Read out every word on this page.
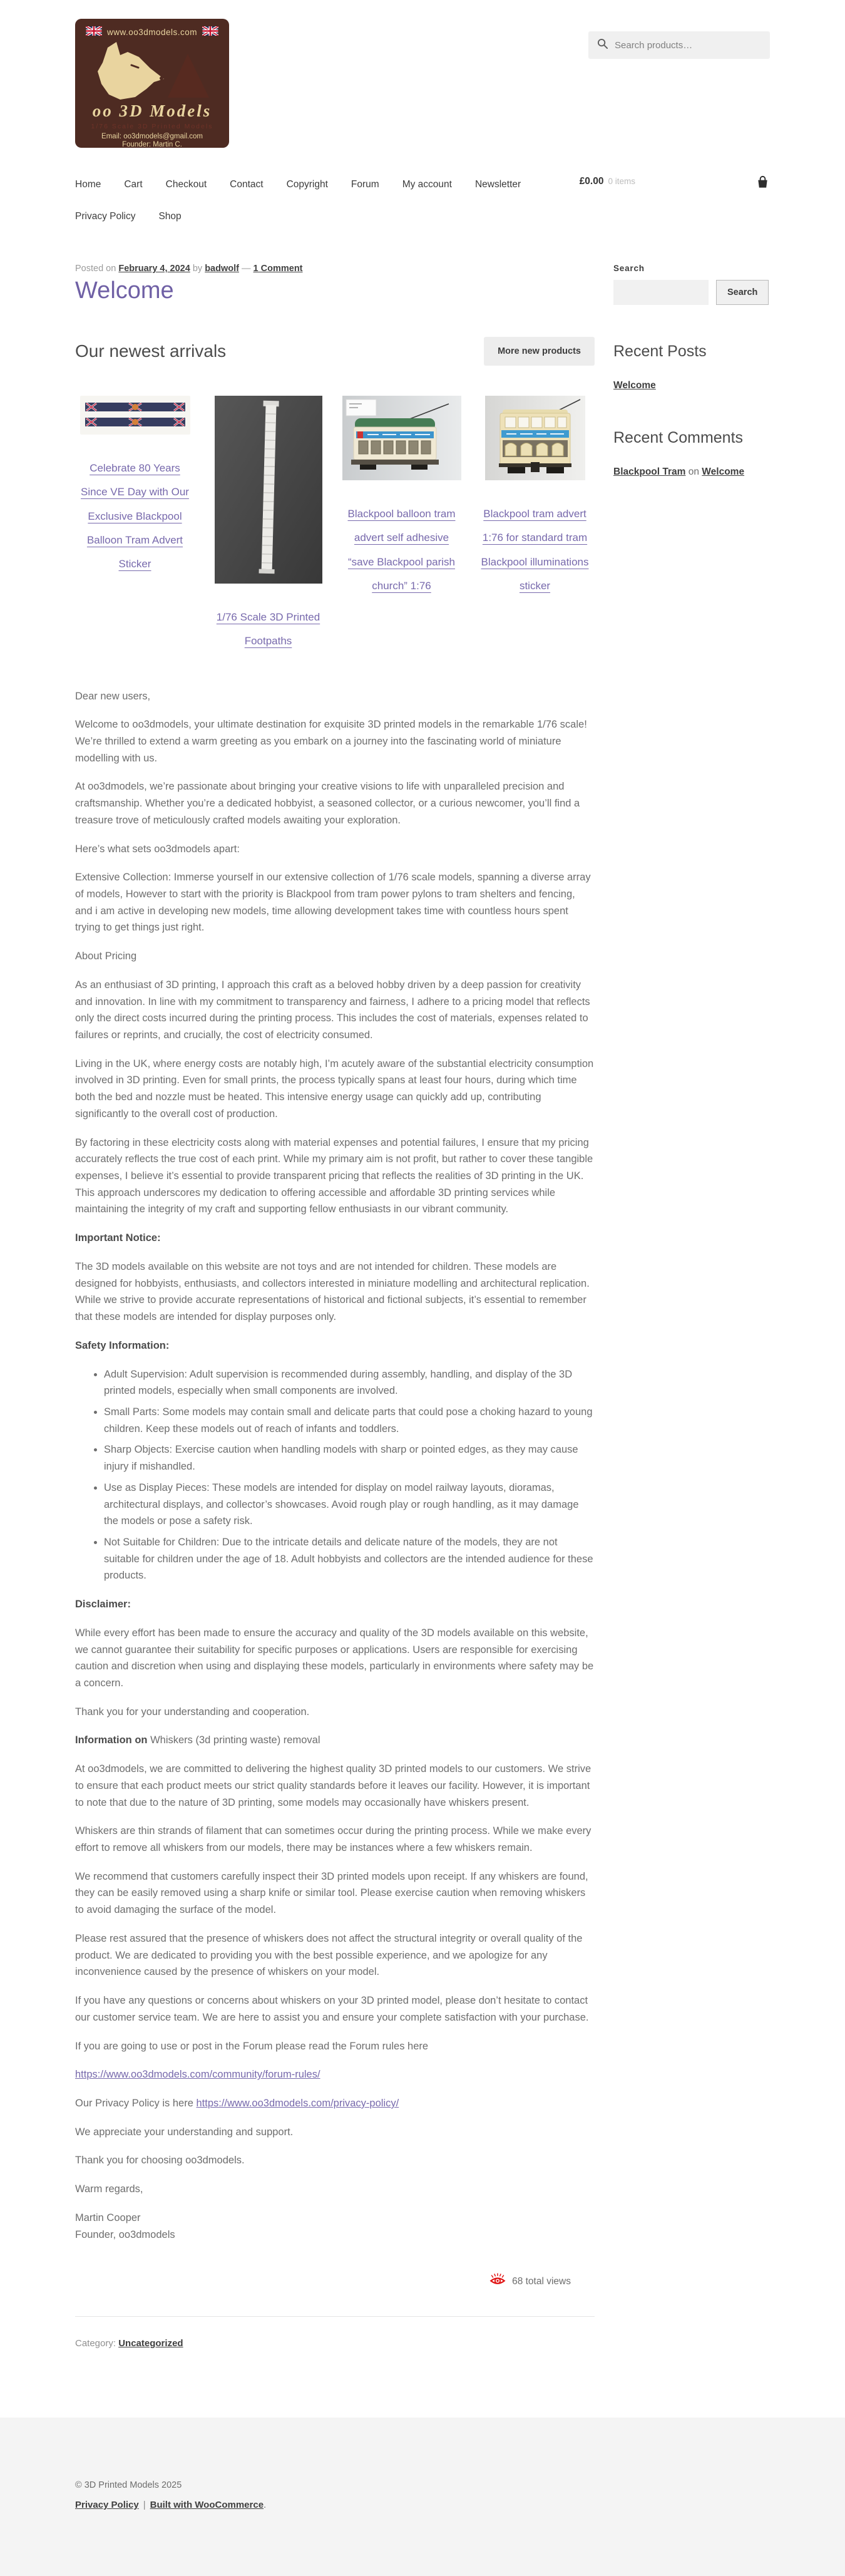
www.oo3dmodels.com
oo 3D Models
1/76 Scale 3D Printed Models
Email: oo3dmodels@gmail.com
Founder: Martin C.
Search products…
Home Cart Checkout Contact Copyright Forum My account Newsletter	£0.00 0 items
Privacy Policy Shop

Posted on February 4, 2024 by badwolf — 1 Comment

Welcome
Our newest arrivals	More new products
Celebrate 80 Years Since VE Day with Our Exclusive Blackpool Balloon Tram Advert Sticker
1/76 Scale 3D Printed Footpaths
Blackpool balloon tram advert self adhesive “save Blackpool parish church” 1:76
Blackpool tram advert 1:76 for standard tram Blackpool illuminations sticker

Dear new users,

Welcome to oo3dmodels, your ultimate destination for exquisite 3D printed models in the remarkable 1/76 scale! We’re thrilled to extend a warm greeting as you embark on a journey into the fascinating world of miniature modelling with us.

At oo3dmodels, we’re passionate about bringing your creative visions to life with unparalleled precision and craftsmanship. Whether you’re a dedicated hobbyist, a seasoned collector, or a curious newcomer, you’ll find a treasure trove of meticulously crafted models awaiting your exploration.

Here’s what sets oo3dmodels apart:

Extensive Collection: Immerse yourself in our extensive collection of 1/76 scale models, spanning a diverse array of models, However to start with the priority is Blackpool from tram power pylons to tram shelters and fencing, and i am active in developing new models, time allowing development takes time with countless hours spent trying to get things just right.

About Pricing

As an enthusiast of 3D printing, I approach this craft as a beloved hobby driven by a deep passion for creativity and innovation. In line with my commitment to transparency and fairness, I adhere to a pricing model that reflects only the direct costs incurred during the printing process. This includes the cost of materials, expenses related to failures or reprints, and crucially, the cost of electricity consumed.

Living in the UK, where energy costs are notably high, I’m acutely aware of the substantial electricity consumption involved in 3D printing. Even for small prints, the process typically spans at least four hours, during which time both the bed and nozzle must be heated. This intensive energy usage can quickly add up, contributing significantly to the overall cost of production.

By factoring in these electricity costs along with material expenses and potential failures, I ensure that my pricing accurately reflects the true cost of each print. While my primary aim is not profit, but rather to cover these tangible expenses, I believe it’s essential to provide transparent pricing that reflects the realities of 3D printing in the UK. This approach underscores my dedication to offering accessible and affordable 3D printing services while maintaining the integrity of my craft and supporting fellow enthusiasts in our vibrant community.

Important Notice:

The 3D models available on this website are not toys and are not intended for children. These models are designed for hobbyists, enthusiasts, and collectors interested in miniature modelling and architectural replication. While we strive to provide accurate representations of historical and fictional subjects, it’s essential to remember that these models are intended for display purposes only.

Safety Information:

• Adult Supervision: Adult supervision is recommended during assembly, handling, and display of the 3D printed models, especially when small components are involved.
• Small Parts: Some models may contain small and delicate parts that could pose a choking hazard to young children. Keep these models out of reach of infants and toddlers.
• Sharp Objects: Exercise caution when handling models with sharp or pointed edges, as they may cause injury if mishandled.
• Use as Display Pieces: These models are intended for display on model railway layouts, dioramas, architectural displays, and collector’s showcases. Avoid rough play or rough handling, as it may damage the models or pose a safety risk.
• Not Suitable for Children: Due to the intricate details and delicate nature of the models, they are not suitable for children under the age of 18. Adult hobbyists and collectors are the intended audience for these products.

Disclaimer:

While every effort has been made to ensure the accuracy and quality of the 3D models available on this website, we cannot guarantee their suitability for specific purposes or applications. Users are responsible for exercising caution and discretion when using and displaying these models, particularly in environments where safety may be a concern.

Thank you for your understanding and cooperation.

Information on Whiskers (3d printing waste) removal

At oo3dmodels, we are committed to delivering the highest quality 3D printed models to our customers. We strive to ensure that each product meets our strict quality standards before it leaves our facility. However, it is important to note that due to the nature of 3D printing, some models may occasionally have whiskers present.

Whiskers are thin strands of filament that can sometimes occur during the printing process. While we make every effort to remove all whiskers from our models, there may be instances where a few whiskers remain.

We recommend that customers carefully inspect their 3D printed models upon receipt. If any whiskers are found, they can be easily removed using a sharp knife or similar tool. Please exercise caution when removing whiskers to avoid damaging the surface of the model.

Please rest assured that the presence of whiskers does not affect the structural integrity or overall quality of the product. We are dedicated to providing you with the best possible experience, and we apologize for any inconvenience caused by the presence of whiskers on your model.

If you have any questions or concerns about whiskers on your 3D printed model, please don’t hesitate to contact our customer service team. We are here to assist you and ensure your complete satisfaction with your purchase.

If you are going to use or post in the Forum please read the Forum rules here

https://www.oo3dmodels.com/community/forum-rules/

Our Privacy Policy is here https://www.oo3dmodels.com/privacy-policy/

We appreciate your understanding and support.

Thank you for choosing oo3dmodels.

Warm regards,

Martin Cooper

Founder, oo3dmodels

68 total views

Category: Uncategorized

Search
Search
Recent Posts
Welcome
Recent Comments
Blackpool Tram on Welcome

© 3D Printed Models 2025

Privacy Policy | Built with WooCommerce.
